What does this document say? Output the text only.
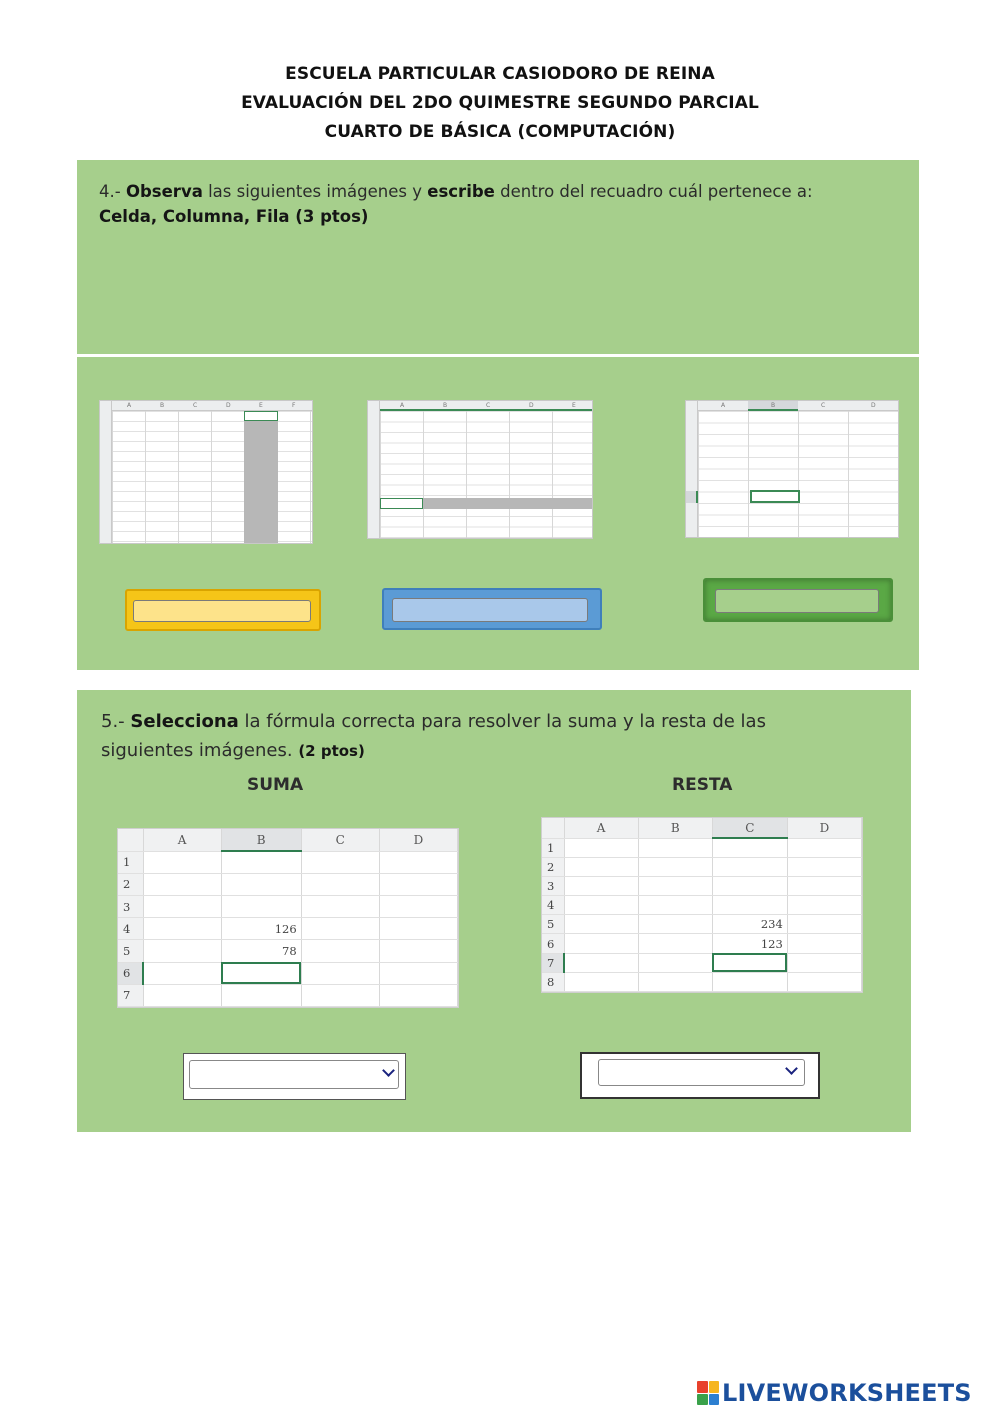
ESCUELA PARTICULAR CASIODORO DE REINA
EVALUACIÓN DEL 2DO QUIMESTRE SEGUNDO PARCIAL
CUARTO DE BÁSICA (COMPUTACIÓN)
4.- Observa las siguientes imágenes y escribe dentro del recuadro cuál pertenece a:
Celda, Columna, Fila (3 ptos)
A	B	C	D	E	F	A	B	C	D	E	A	B	C	D
5.- Selecciona la fórmula correcta para resolver la suma y la resta de las
siguientes imágenes. (2 ptos)
SUMA	RESTA
	A	B	C	D
1				
2				
3				
4		126		
5		78		
6				
7				
	A	B	C	D
1				
2				
3				
4				
5			234	
6			123	
7				
8				
LIVEWORKSHEETS
